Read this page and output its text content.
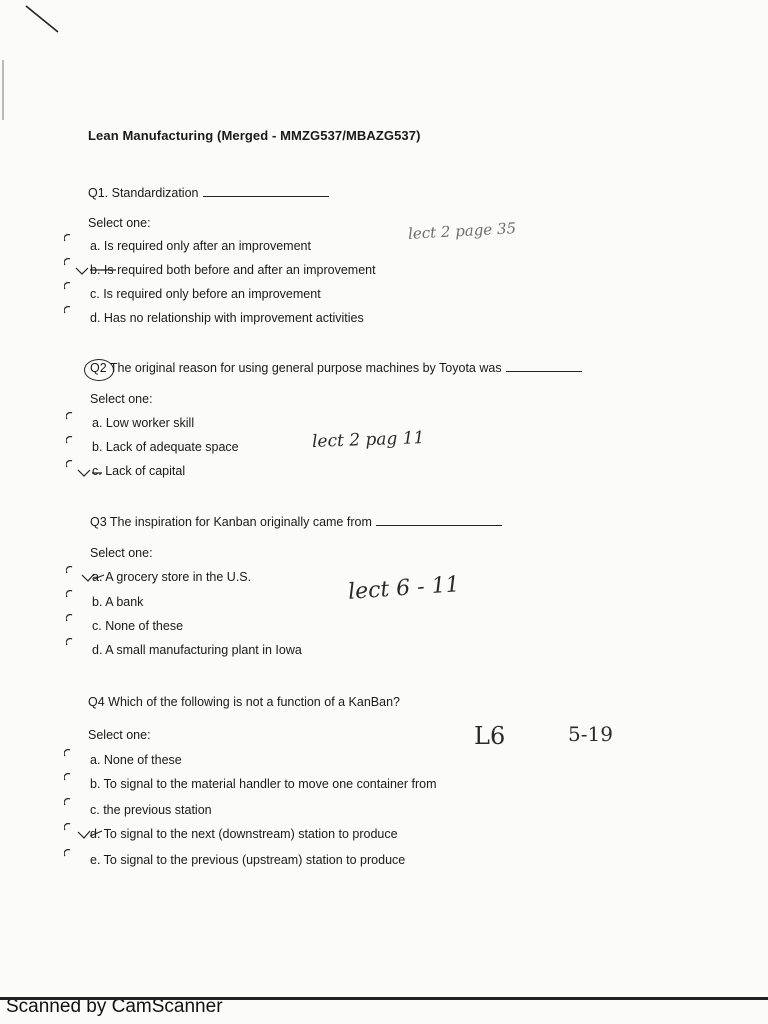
Lean Manufacturing (Merged - MMZG537/MBAZG537)
Q1. Standardization
Select one:	lect 2 page 35
a. Is required only after an improvement
b. Is required both before and after an improvement
c. Is required only before an improvement
d. Has no relationship with improvement activities
Q2 The original reason for using general purpose machines by Toyota was
Select one:
a. Low worker skill
b. Lack of adequate space	lect 2 pag 11
c. Lack of capital
Q3 The inspiration for Kanban originally came from
Select one:
a. A grocery store in the U.S.
b. A bank	lect 6 - 11
c. None of these
d. A small manufacturing plant in Iowa
Q4 Which of the following is not a function of a KanBan?
Select one:	L6	5-19
a. None of these
b. To signal to the material handler to move one container from
c. the previous station
d. To signal to the next (downstream) station to produce
e. To signal to the previous (upstream) station to produce
Scanned by CamScanner
